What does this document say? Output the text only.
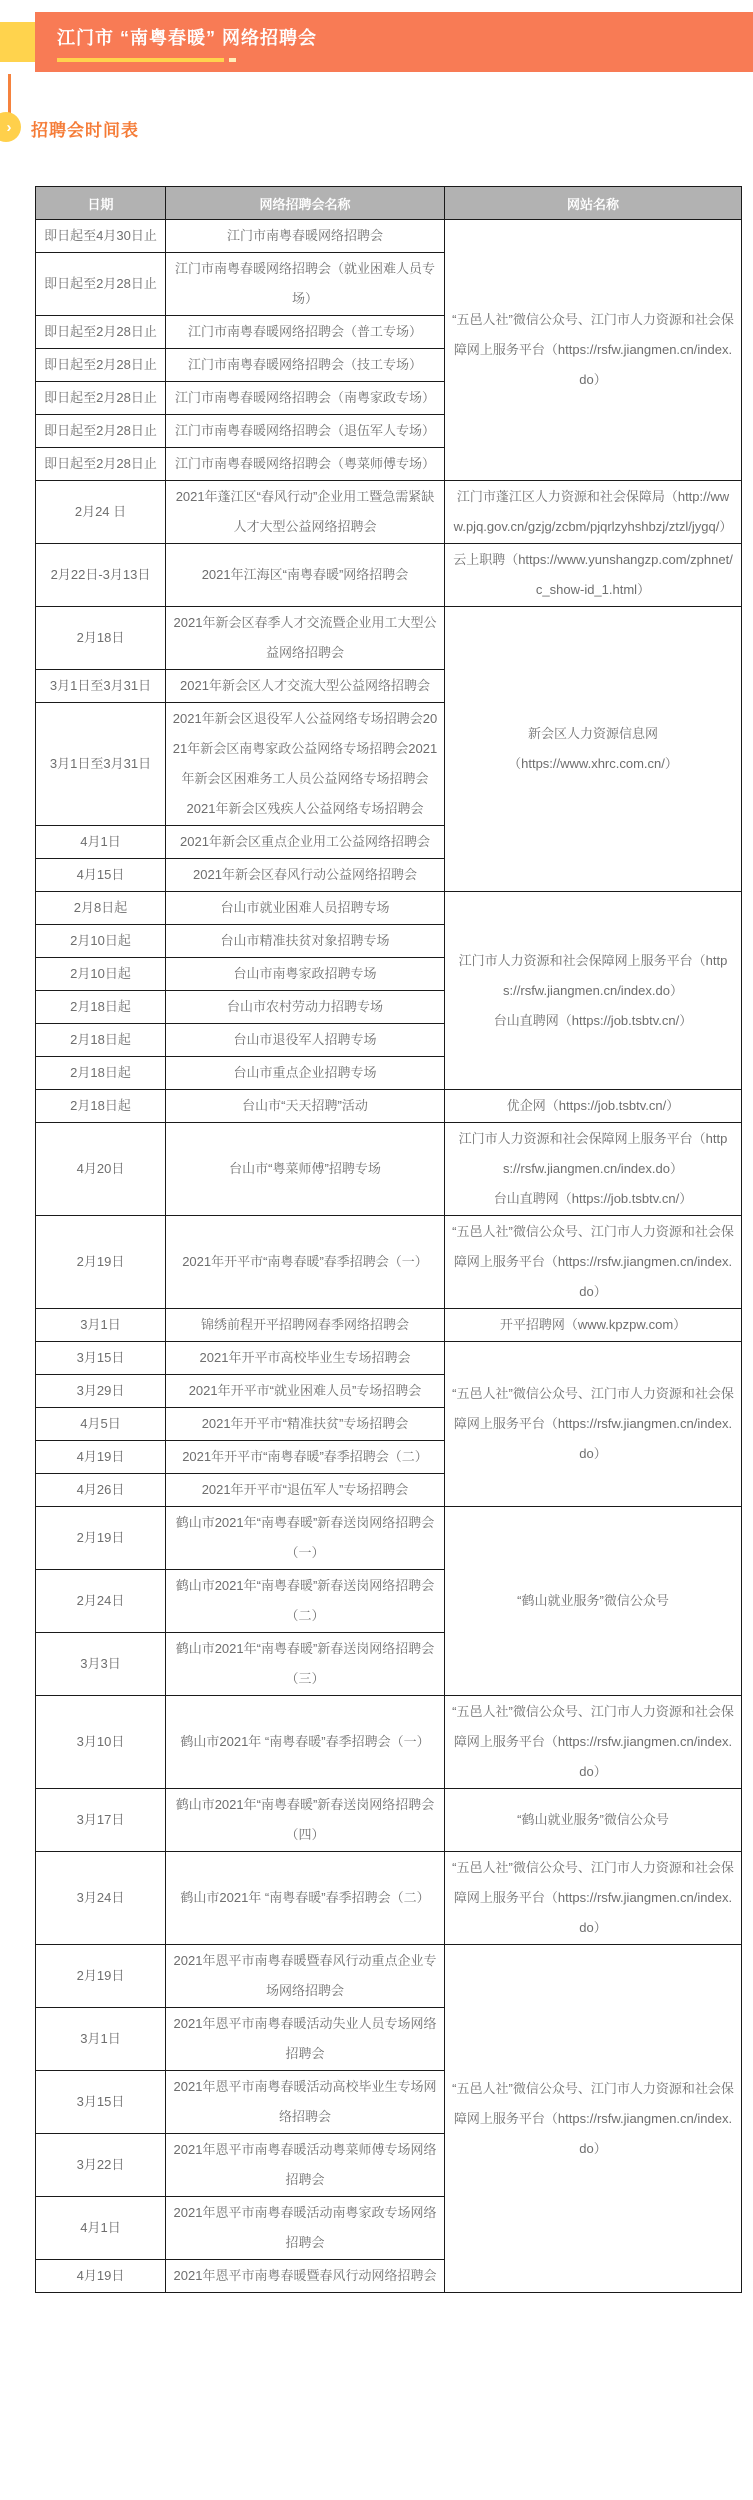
江门市 “南粤春暖” 网络招聘会
›	招聘会时间表
日期	网络招聘会名称	网站名称
即日起至4月30日止	江门市南粤春暖网络招聘会	“五邑人社”微信公众号、江门市人力资源和社会保障网上服务平台（https://rsfw.jiangmen.cn/index.do）

即日起至2月28日止	江门市南粤春暖网络招聘会（就业困难人员专场）	

即日起至2月28日止	江门市南粤春暖网络招聘会（普工专场）	

即日起至2月28日止	江门市南粤春暖网络招聘会（技工专场）	

即日起至2月28日止	江门市南粤春暖网络招聘会（南粤家政专场）	

即日起至2月28日止	江门市南粤春暖网络招聘会（退伍军人专场）	

即日起至2月28日止	江门市南粤春暖网络招聘会（粤菜师傅专场）	

2月24 日	2021年蓬江区“春风行动”企业用工暨急需紧缺人才大型公益网络招聘会	江门市蓬江区人力资源和社会保障局（http://www.pjq.gov.cn/gzjg/zcbm/pjqrlzyhshbzj/ztzl/jygq/）

2月22日-3月13日	2021年江海区“南粤春暖”网络招聘会	云上职聘（https://www.yunshangzp.com/zphnet/c_show-id_1.html）

2月18日	2021年新会区春季人才交流暨企业用工大型公益网络招聘会	新会区人力资源信息网
（https://www.xhrc.com.cn/）

3月1日至3月31日	2021年新会区人才交流大型公益网络招聘会	

3月1日至3月31日	2021年新会区退役军人公益网络专场招聘会2021年新会区南粤家政公益网络专场招聘会2021年新会区困难务工人员公益网络专场招聘会
2021年新会区残疾人公益网络专场招聘会	

4月1日	2021年新会区重点企业用工公益网络招聘会	

4月15日	2021年新会区春风行动公益网络招聘会	

2月8日起	台山市就业困难人员招聘专场	江门市人力资源和社会保障网上服务平台（https://rsfw.jiangmen.cn/index.do）
台山直聘网（https://job.tsbtv.cn/）

2月10日起	台山市精准扶贫对象招聘专场	

2月10日起	台山市南粤家政招聘专场	

2月18日起	台山市农村劳动力招聘专场	

2月18日起	台山市退役军人招聘专场	

2月18日起	台山市重点企业招聘专场	

2月18日起	台山市“天天招聘”活动	优企网（https://job.tsbtv.cn/）

4月20日	台山市“粤菜师傅”招聘专场	江门市人力资源和社会保障网上服务平台（https://rsfw.jiangmen.cn/index.do）
台山直聘网（https://job.tsbtv.cn/）

2月19日	2021年开平市“南粤春暖”春季招聘会（一）	“五邑人社”微信公众号、江门市人力资源和社会保障网上服务平台（https://rsfw.jiangmen.cn/index.do）

3月1日	锦绣前程开平招聘网春季网络招聘会	开平招聘网（www.kpzpw.com）

3月15日	2021年开平市高校毕业生专场招聘会	“五邑人社”微信公众号、江门市人力资源和社会保障网上服务平台（https://rsfw.jiangmen.cn/index.do）

3月29日	2021年开平市“就业困难人员”专场招聘会	

4月5日	2021年开平市“精准扶贫”专场招聘会	

4月19日	2021年开平市“南粤春暖”春季招聘会（二）	

4月26日	2021年开平市“退伍军人”专场招聘会	

2月19日	鹤山市2021年“南粤春暖”新春送岗网络招聘会（一）	“鹤山就业服务”微信公众号

2月24日	鹤山市2021年“南粤春暖”新春送岗网络招聘会（二）	

3月3日	鹤山市2021年“南粤春暖”新春送岗网络招聘会（三）	

3月10日	鹤山市2021年 “南粤春暖”春季招聘会（一）	“五邑人社”微信公众号、江门市人力资源和社会保障网上服务平台（https://rsfw.jiangmen.cn/index.do）

3月17日	鹤山市2021年“南粤春暖”新春送岗网络招聘会（四）	“鹤山就业服务”微信公众号

3月24日	鹤山市2021年 “南粤春暖”春季招聘会（二）	“五邑人社”微信公众号、江门市人力资源和社会保障网上服务平台（https://rsfw.jiangmen.cn/index.do）

2月19日	2021年恩平市南粤春暖暨春风行动重点企业专场网络招聘会	“五邑人社”微信公众号、江门市人力资源和社会保障网上服务平台（https://rsfw.jiangmen.cn/index.do）

3月1日	2021年恩平市南粤春暖活动失业人员专场网络招聘会	

3月15日	2021年恩平市南粤春暖活动高校毕业生专场网络招聘会	

3月22日	2021年恩平市南粤春暖活动粤菜师傅专场网络招聘会	

4月1日	2021年恩平市南粤春暖活动南粤家政专场网络招聘会	

4月19日	2021年恩平市南粤春暖暨春风行动网络招聘会	
